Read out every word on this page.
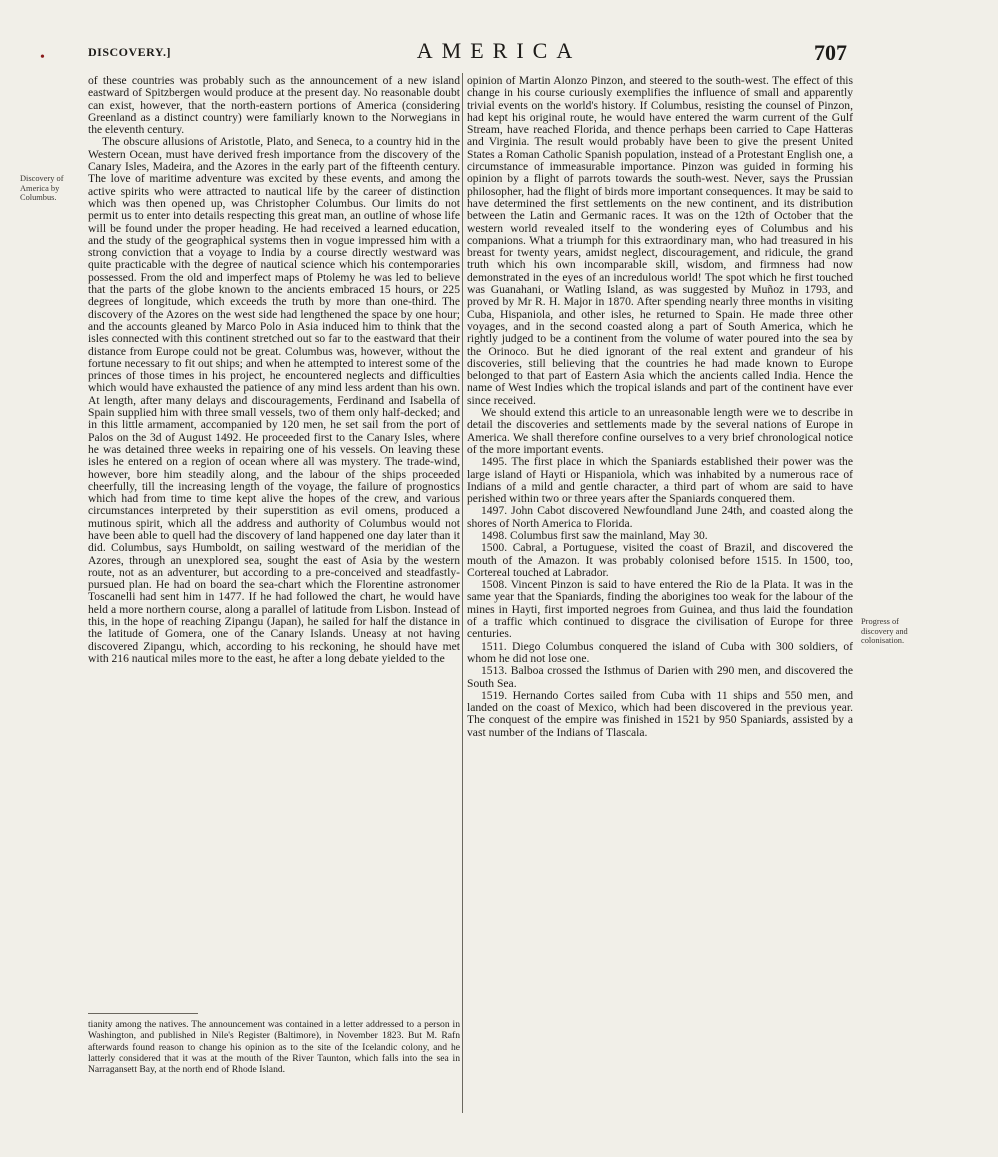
•	DISCOVERY.]	AMERICA	707
Discovery of America by Columbus.
Progress of discovery and colonisation.

of these countries was probably such as the announcement of a new island eastward of Spitzbergen would produce at the present day. No reasonable doubt can exist, however, that the north-eastern portions of America (considering Greenland as a distinct country) were familiarly known to the Norwegians in the eleventh century.

The obscure allusions of Aristotle, Plato, and Seneca, to a country hid in the Western Ocean, must have derived fresh importance from the discovery of the Canary Isles, Madeira, and the Azores in the early part of the fifteenth century. The love of maritime adventure was excited by these events, and among the active spirits who were attracted to nautical life by the career of distinction which was then opened up, was Christopher Columbus. Our limits do not permit us to enter into details respecting this great man, an outline of whose life will be found under the proper heading. He had received a learned education, and the study of the geographical systems then in vogue impressed him with a strong conviction that a voyage to India by a course directly westward was quite practicable with the degree of nautical science which his contemporaries possessed. From the old and imperfect maps of Ptolemy he was led to believe that the parts of the globe known to the ancients embraced 15 hours, or 225 degrees of longitude, which exceeds the truth by more than one-third. The discovery of the Azores on the west side had lengthened the space by one hour; and the accounts gleaned by Marco Polo in Asia induced him to think that the isles connected with this continent stretched out so far to the eastward that their distance from Europe could not be great. Columbus was, however, without the fortune necessary to fit out ships; and when he attempted to interest some of the princes of those times in his project, he encountered neglects and difficulties which would have exhausted the patience of any mind less ardent than his own. At length, after many delays and discouragements, Ferdinand and Isabella of Spain supplied him with three small vessels, two of them only half-decked; and in this little armament, accompanied by 120 men, he set sail from the port of Palos on the 3d of August 1492. He proceeded first to the Canary Isles, where he was detained three weeks in repairing one of his vessels. On leaving these isles he entered on a region of ocean where all was mystery. The trade-wind, however, bore him steadily along, and the labour of the ships proceeded cheerfully, till the increasing length of the voyage, the failure of prognostics which had from time to time kept alive the hopes of the crew, and various circumstances interpreted by their superstition as evil omens, produced a mutinous spirit, which all the address and authority of Columbus would not have been able to quell had the discovery of land happened one day later than it did. Columbus, says Humboldt, on sailing westward of the meridian of the Azores, through an unexplored sea, sought the east of Asia by the western route, not as an adventurer, but according to a pre-conceived and steadfastly-pursued plan. He had on board the sea-chart which the Florentine astronomer Toscanelli had sent him in 1477. If he had followed the chart, he would have held a more northern course, along a parallel of latitude from Lisbon. Instead of this, in the hope of reaching Zipangu (Japan), he sailed for half the distance in the latitude of Gomera, one of the Canary Islands. Uneasy at not having discovered Zipangu, which, according to his reckoning, he should have met with 216 nautical miles more to the east, he after a long debate yielded to the

opinion of Martin Alonzo Pinzon, and steered to the south-west. The effect of this change in his course curiously exemplifies the influence of small and apparently trivial events on the world's history. If Columbus, resisting the counsel of Pinzon, had kept his original route, he would have entered the warm current of the Gulf Stream, have reached Florida, and thence perhaps been carried to Cape Hatteras and Virginia. The result would probably have been to give the present United States a Roman Catholic Spanish population, instead of a Protestant English one, a circumstance of immeasurable importance. Pinzon was guided in forming his opinion by a flight of parrots towards the south-west. Never, says the Prussian philosopher, had the flight of birds more important consequences. It may be said to have determined the first settlements on the new continent, and its distribution between the Latin and Germanic races. It was on the 12th of October that the western world revealed itself to the wondering eyes of Columbus and his companions. What a triumph for this extraordinary man, who had treasured in his breast for twenty years, amidst neglect, discouragement, and ridicule, the grand truth which his own incomparable skill, wisdom, and firmness had now demonstrated in the eyes of an incredulous world! The spot which he first touched was Guanahani, or Watling Island, as was suggested by Muñoz in 1793, and proved by Mr R. H. Major in 1870. After spending nearly three months in visiting Cuba, Hispaniola, and other isles, he returned to Spain. He made three other voyages, and in the second coasted along a part of South America, which he rightly judged to be a continent from the volume of water poured into the sea by the Orinoco. But he died ignorant of the real extent and grandeur of his discoveries, still believing that the countries he had made known to Europe belonged to that part of Eastern Asia which the ancients called India. Hence the name of West Indies which the tropical islands and part of the continent have ever since received.

We should extend this article to an unreasonable length were we to describe in detail the discoveries and settlements made by the several nations of Europe in America. We shall therefore confine ourselves to a very brief chronological notice of the more important events.

1495. The first place in which the Spaniards established their power was the large island of Hayti or Hispaniola, which was inhabited by a numerous race of Indians of a mild and gentle character, a third part of whom are said to have perished within two or three years after the Spaniards conquered them.

1497. John Cabot discovered Newfoundland June 24th, and coasted along the shores of North America to Florida.

1498. Columbus first saw the mainland, May 30.

1500. Cabral, a Portuguese, visited the coast of Brazil, and discovered the mouth of the Amazon. It was probably colonised before 1515. In 1500, too, Cortereal touched at Labrador.

1508. Vincent Pinzon is said to have entered the Rio de la Plata. It was in the same year that the Spaniards, finding the aborigines too weak for the labour of the mines in Hayti, first imported negroes from Guinea, and thus laid the foundation of a traffic which continued to disgrace the civilisation of Europe for three centuries.

1511. Diego Columbus conquered the island of Cuba with 300 soldiers, of whom he did not lose one.

1513. Balboa crossed the Isthmus of Darien with 290 men, and discovered the South Sea.

1519. Hernando Cortes sailed from Cuba with 11 ships and 550 men, and landed on the coast of Mexico, which had been discovered in the previous year. The conquest of the empire was finished in 1521 by 950 Spaniards, assisted by a vast number of the Indians of Tlascala.

tianity among the natives. The announcement was contained in a letter addressed to a person in Washington, and published in Nile's Register (Baltimore), in November 1823. But M. Rafn afterwards found reason to change his opinion as to the site of the Icelandic colony, and he latterly considered that it was at the mouth of the River Taunton, which falls into the sea in Narragansett Bay, at the north end of Rhode Island.
